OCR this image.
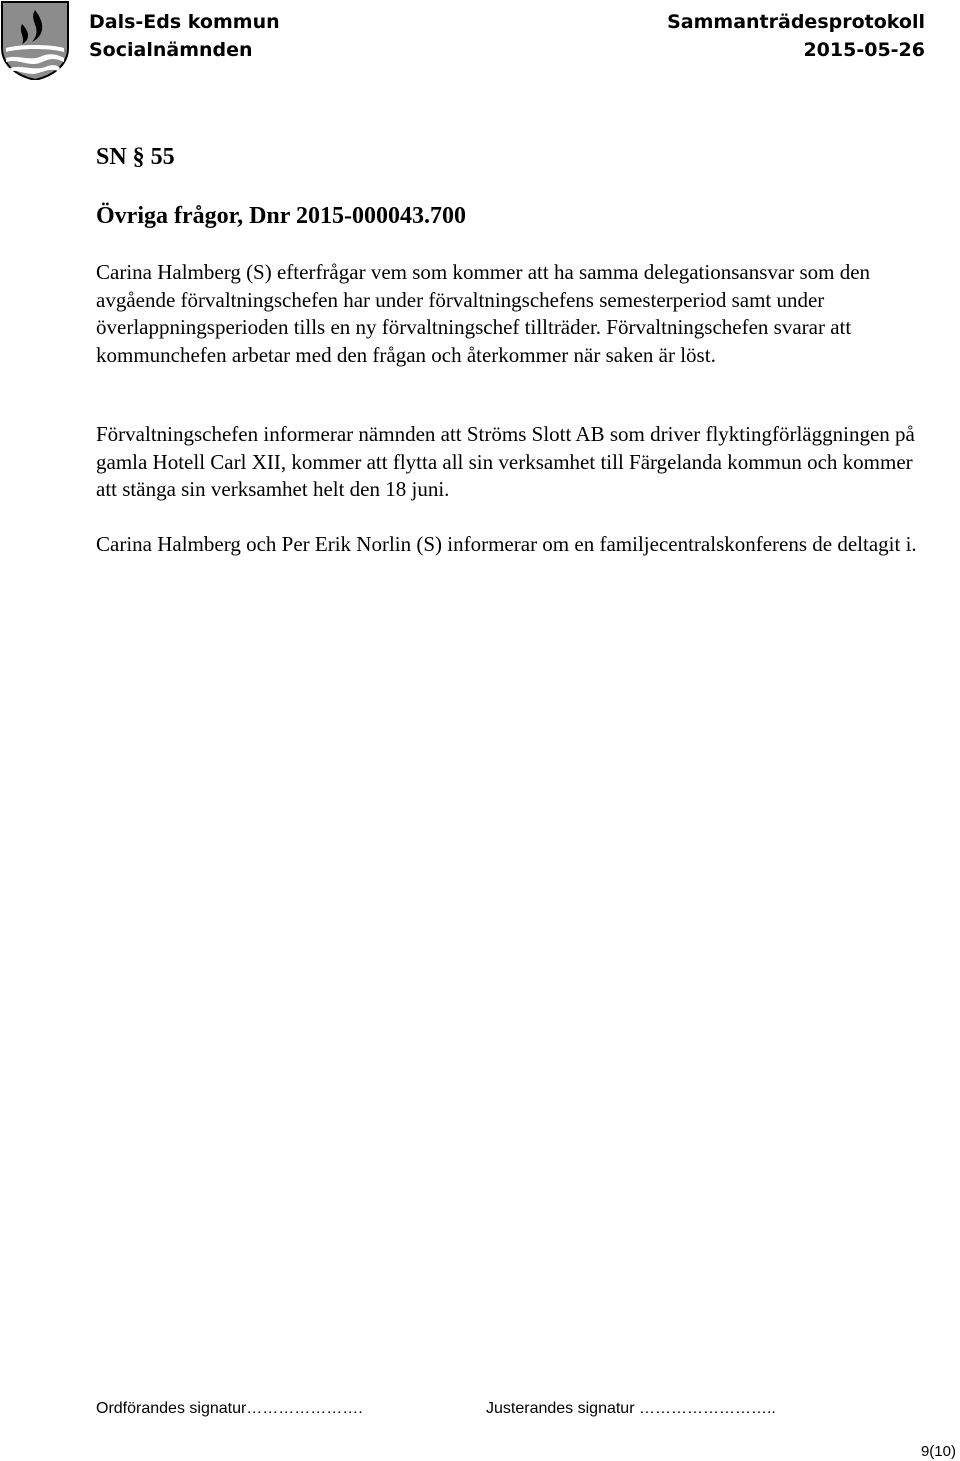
Dals-Eds kommun
Socialnämnden
Sammanträdesprotokoll
2015-05-26
SN § 55
Övriga frågor, Dnr 2015-000043.700
Carina Halmberg (S) efterfrågar vem som kommer att ha samma delegationsansvar som den avgående förvaltningschefen har under förvaltningschefens semesterperiod samt under överlappningsperioden tills en ny förvaltningschef tillträder. Förvaltningschefen svarar att kommunchefen arbetar med den frågan och återkommer när saken är löst.
Förvaltningschefen informerar nämnden att Ströms Slott AB som driver flyktingförläggningen på gamla Hotell Carl XII, kommer att flytta all sin verksamhet till Färgelanda kommun och kommer att stänga sin verksamhet helt den 18 juni.
Carina Halmberg och Per Erik Norlin (S) informerar om en familjecentralskonferens de deltagit i.
Ordförandes signatur………………….	Justerandes signatur ……………………..
9(10)
